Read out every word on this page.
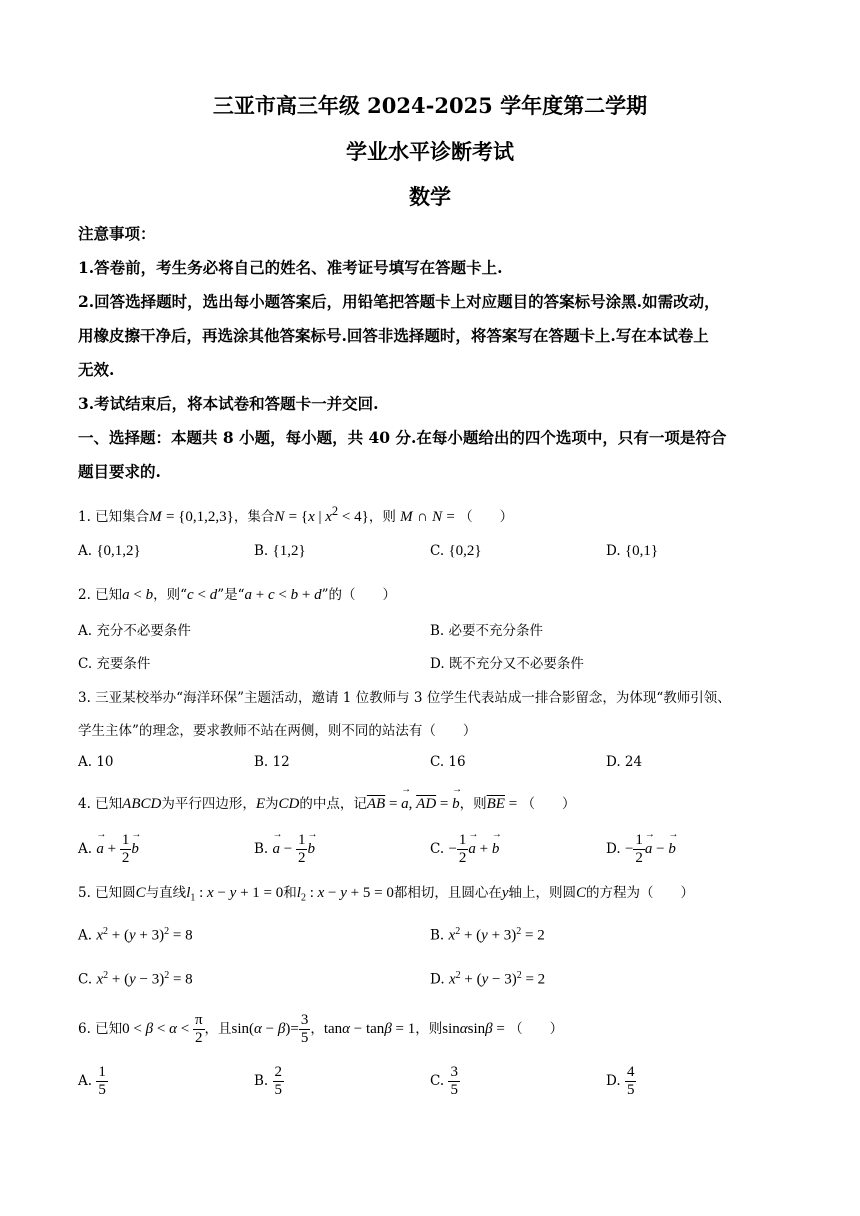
三亚市高三年级 2024-2025 学年度第二学期
学业水平诊断考试
数学
注意事项：
1.答卷前，考生务必将自己的姓名、准考证号填写在答题卡上.
2.回答选择题时，选出每小题答案后，用铅笔把答题卡上对应题目的答案标号涂黑.如需改动，
用橡皮擦干净后，再选涂其他答案标号.回答非选择题时，将答案写在答题卡上.写在本试卷上
无效.
3.考试结束后，将本试卷和答题卡一并交回.
一、选择题：本题共 8 小题，每小题，共 40 分.在每小题给出的四个选项中，只有一项是符合
题目要求的.
1. 已知集合M = {0,1,2,3}，集合N = {x | $x^2 < 4$}，则 M ∩ N = （　　）
A. {0,1,2}	B. {1,2}	C. {0,2}	D. {0,1}
2. 已知a < b，则“c < d”是“a + c < b + d”的（　　）
A. 充分不必要条件	B. 必要不充分条件
C. 充要条件	D. 既不充分又不必要条件
3. 三亚某校举办“海洋环保”主题活动，邀请 1 位教师与 3 位学生代表站成一排合影留念，为体现“教师引领、
学生主体”的理念，要求教师不站在两侧，则不同的站法有（　　）
A. 10	B. 12	C. 16	D. 24
4. 已知ABCD为平行四边形，E为CD的中点，记$\overline{AB}$ = → a, $\overline{AD}$ = → b，则$\overline{BE}$ = （　　）
A. → $a + \frac{1}{2} \to b$	B. → $a - \frac{1}{2} \to b$	C. − $\frac{1}{2} \to a$ + → b	D. − $\frac{1}{2} \to a$ − → b
5. 已知圆C与直线$l_1$ : x − y + 1 = 0和$l_2$ : x − y + 5 = 0都相切，且圆心在y轴上，则圆C的方程为（　　）
A. $x^2 + (y + 3)^2 = 8$	B. $x^2 + (y + 3)^2 = 2$
C. $x^2 + (y - 3)^2 = 8$	D. $x^2 + (y - 3)^2 = 2$
6. 已知$0 < \beta < \alpha < \frac{\pi}{2}$ ，且$\sin(\alpha - \beta)= \frac{3}{5}$ ，tanα − tanβ = 1，则sinαsinβ = （　　）
A. $\frac{1}{5}$	B. $\frac{2}{5}$	C. $\frac{3}{5}$	D. $\frac{4}{5}$
